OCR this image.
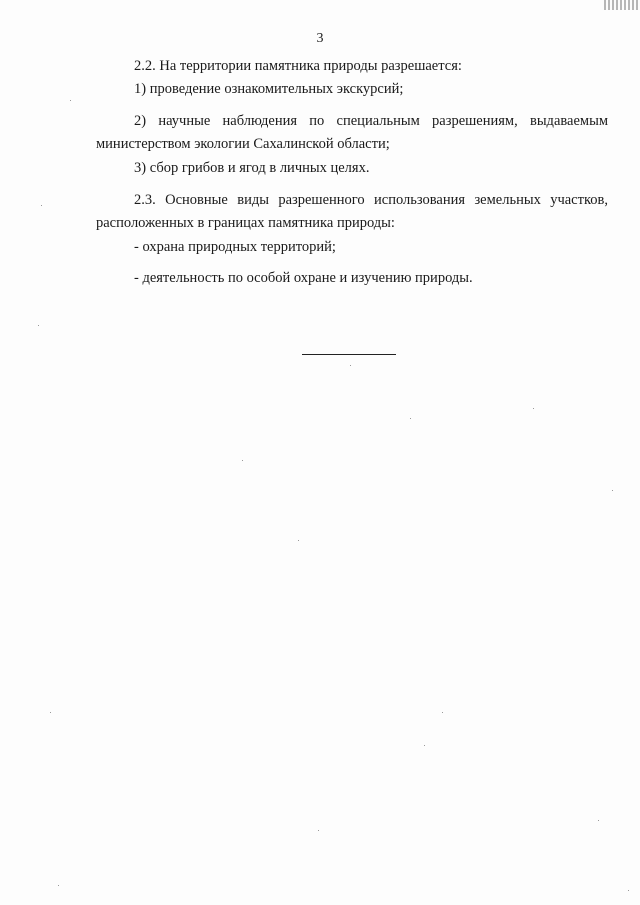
3

2.2. На территории памятника природы разрешается:

1) проведение ознакомительных экскурсий;

2) научные наблюдения по специальным разрешениям, выдаваемым

министерством экологии Сахалинской области;

3) сбор грибов и ягод в личных целях.

2.3. Основные виды разрешенного использования земельных участков,

расположенных в границах памятника природы:

- охрана природных территорий;

- деятельность по особой охране и изучению природы.
